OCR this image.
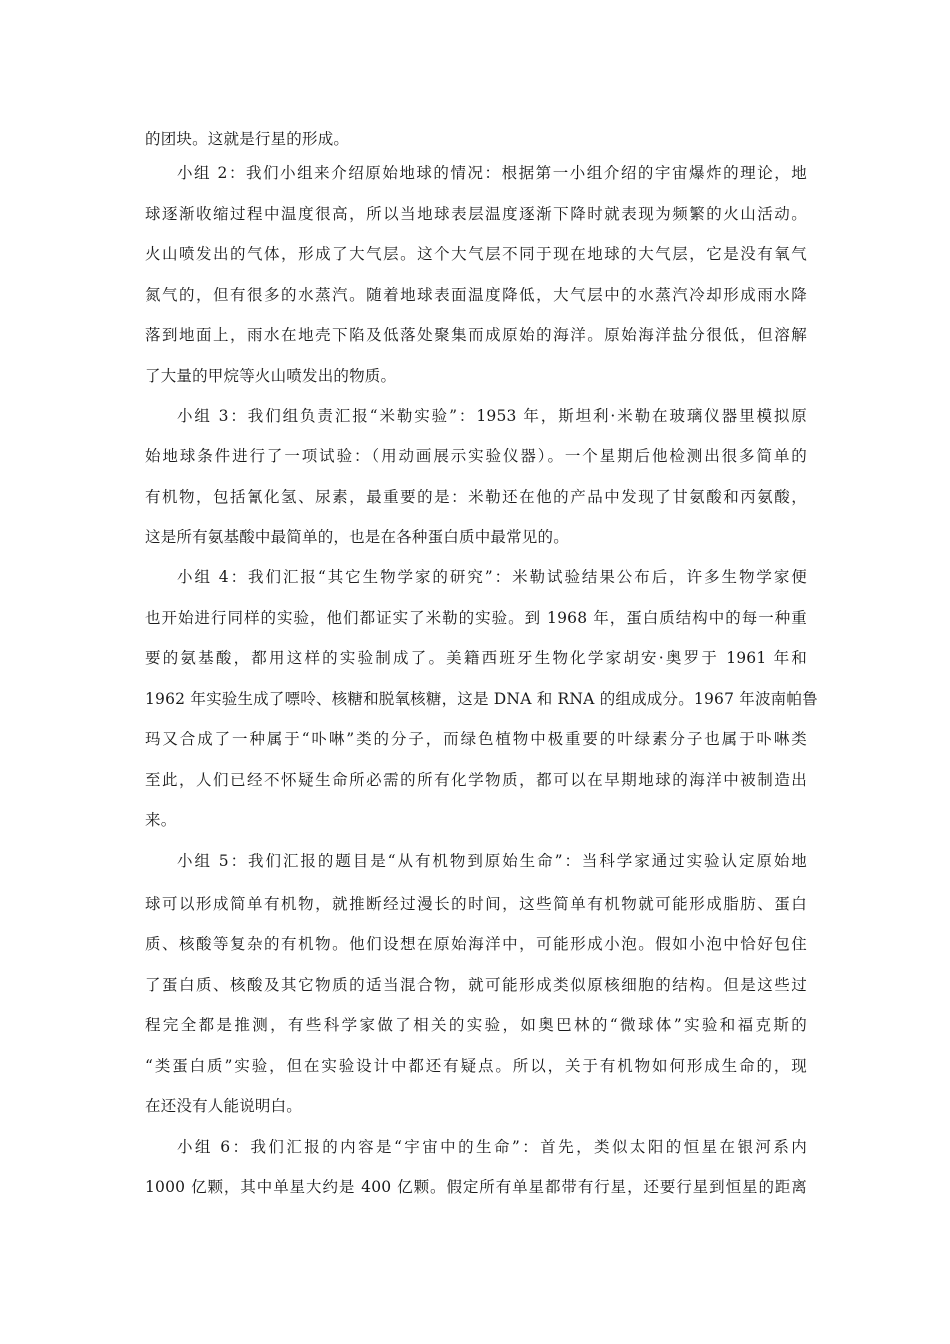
的团块。这就是行星的形成。
小组 2：我们小组来介绍原始地球的情况：根据第一小组介绍的宇宙爆炸的理论，地
球逐渐收缩过程中温度很高，所以当地球表层温度逐渐下降时就表现为频繁的火山活动。
火山喷发出的气体，形成了大气层。这个大气层不同于现在地球的大气层，它是没有氧气
氮气的，但有很多的水蒸汽。随着地球表面温度降低，大气层中的水蒸汽冷却形成雨水降
落到地面上，雨水在地壳下陷及低落处聚集而成原始的海洋。原始海洋盐分很低，但溶解
了大量的甲烷等火山喷发出的物质。
小组 3：我们组负责汇报“米勒实验”：1953 年，斯坦利·米勒在玻璃仪器里模拟原
始地球条件进行了一项试验：（用动画展示实验仪器）。一个星期后他检测出很多简单的
有机物，包括氰化氢、尿素，最重要的是：米勒还在他的产品中发现了甘氨酸和丙氨酸，
这是所有氨基酸中最简单的，也是在各种蛋白质中最常见的。
小组 4：我们汇报“其它生物学家的研究”：米勒试验结果公布后，许多生物学家便
也开始进行同样的实验，他们都证实了米勒的实验。到 1968 年，蛋白质结构中的每一种重
要的氨基酸，都用这样的实验制成了。美籍西班牙生物化学家胡安·奥罗于 1961 年和
1962 年实验生成了嘌呤、核糖和脱氧核糖，这是 DNA 和 RNA 的组成成分。1967 年波南帕鲁
玛又合成了一种属于“卟啉”类的分子，而绿色植物中极重要的叶绿素分子也属于卟啉类
至此，人们已经不怀疑生命所必需的所有化学物质，都可以在早期地球的海洋中被制造出
来。
小组 5：我们汇报的题目是“从有机物到原始生命”：当科学家通过实验认定原始地
球可以形成简单有机物，就推断经过漫长的时间，这些简单有机物就可能形成脂肪、蛋白
质、核酸等复杂的有机物。他们设想在原始海洋中，可能形成小泡。假如小泡中恰好包住
了蛋白质、核酸及其它物质的适当混合物，就可能形成类似原核细胞的结构。但是这些过
程完全都是推测，有些科学家做了相关的实验，如奥巴林的“微球体”实验和福克斯的
“类蛋白质”实验，但在实验设计中都还有疑点。所以，关于有机物如何形成生命的，现
在还没有人能说明白。
小组 6：我们汇报的内容是“宇宙中的生命”：首先，类似太阳的恒星在银河系内
1000 亿颗，其中单星大约是 400 亿颗。假定所有单星都带有行星，还要行星到恒星的距离
